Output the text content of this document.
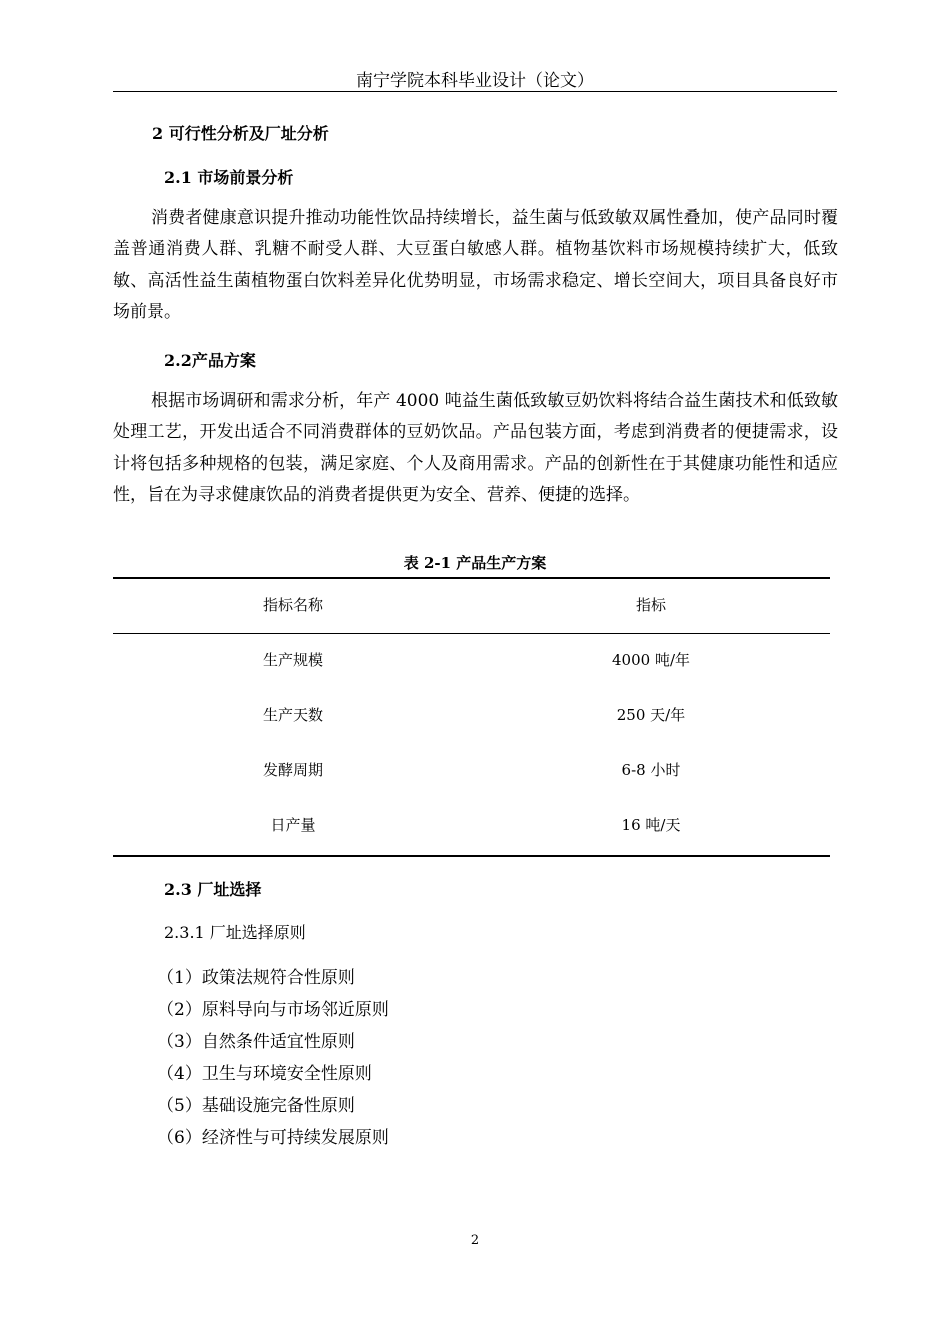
南宁学院本科毕业设计（论文）
2 可行性分析及厂址分析
2.1 市场前景分析
消费者健康意识提升推动功能性饮品持续增长，益生菌与低致敏双属性叠加，使产品同时覆盖普通消费人群、乳糖不耐受人群、大豆蛋白敏感人群。植物基饮料市场规模持续扩大，低致敏、高活性益生菌植物蛋白饮料差异化优势明显，市场需求稳定、增长空间大，项目具备良好市场前景。
2.2产品方案
根据市场调研和需求分析，年产 4000 吨益生菌低致敏豆奶饮料将结合益生菌技术和低致敏处理工艺，开发出适合不同消费群体的豆奶饮品。产品包装方面，考虑到消费者的便捷需求，设计将包括多种规格的包装，满足家庭、个人及商用需求。产品的创新性在于其健康功能性和适应性，旨在为寻求健康饮品的消费者提供更为安全、营养、便捷的选择。
表 2-1 产品生产方案
指标名称	指标
生产规模	4000 吨/年
生产天数	250 天/年
发酵周期	6-8 小时
日产量	16 吨/天
2.3 厂址选择
2.3.1 厂址选择原则
（1）政策法规符合性原则
（2）原料导向与市场邻近原则
（3）自然条件适宜性原则
（4）卫生与环境安全性原则
（5）基础设施完备性原则
（6）经济性与可持续发展原则
2
